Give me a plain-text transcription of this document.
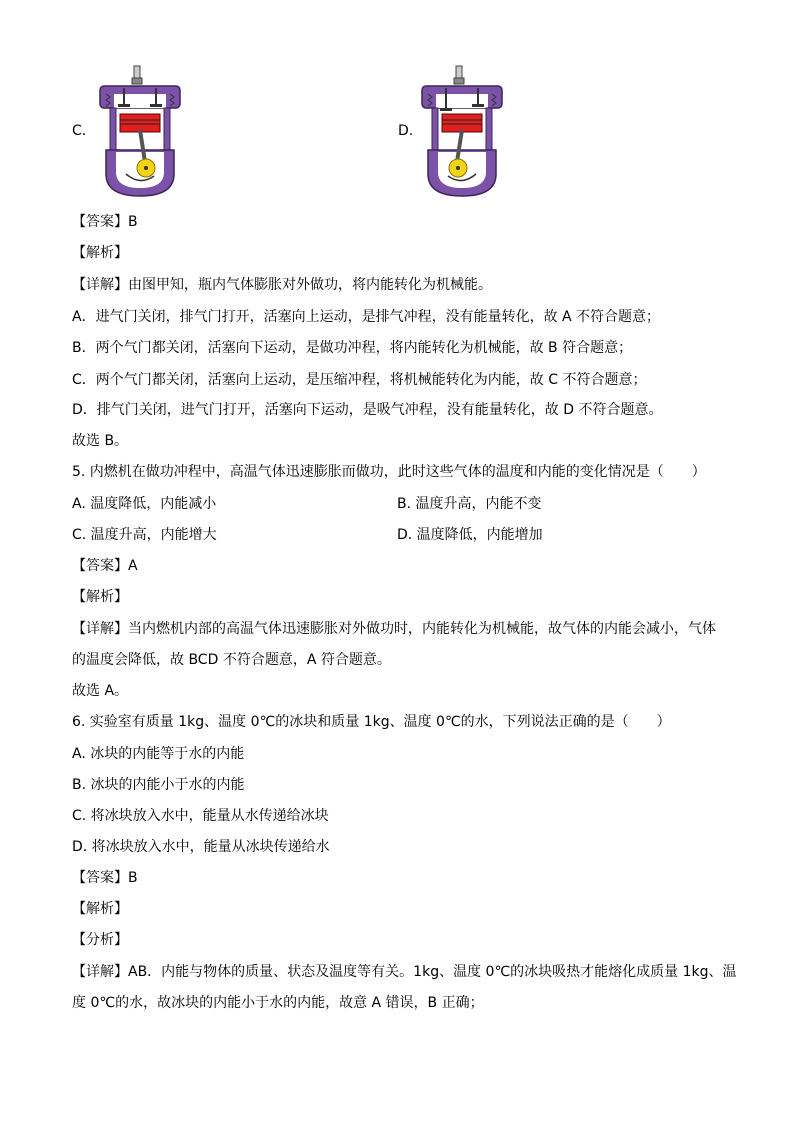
C.	D.
【答案】B
【解析】
【详解】由图甲知，瓶内气体膨胀对外做功，将内能转化为机械能。
A．进气门关闭，排气门打开，活塞向上运动，是排气冲程，没有能量转化，故 A 不符合题意；
B．两个气门都关闭，活塞向下运动，是做功冲程，将内能转化为机械能，故 B 符合题意；
C．两个气门都关闭，活塞向上运动，是压缩冲程，将机械能转化为内能，故 C 不符合题意；
D．排气门关闭，进气门打开，活塞向下运动，是吸气冲程，没有能量转化，故 D 不符合题意。
故选 B。
5. 内燃机在做功冲程中，高温气体迅速膨胀而做功，此时这些气体的温度和内能的变化情况是（　　）
A. 温度降低，内能减小	B. 温度升高，内能不变
C. 温度升高，内能增大	D. 温度降低，内能增加
【答案】A
【解析】
【详解】当内燃机内部的高温气体迅速膨胀对外做功时，内能转化为机械能，故气体的内能会减小，气体
的温度会降低，故 BCD 不符合题意，A 符合题意。
故选 A。
6. 实验室有质量 1kg、温度 0℃的冰块和质量 1kg、温度 0℃的水，下列说法正确的是（　　）
A. 冰块的内能等于水的内能
B. 冰块的内能小于水的内能
C. 将冰块放入水中，能量从水传递给冰块
D. 将冰块放入水中，能量从冰块传递给水
【答案】B
【解析】
【分析】
【详解】AB．内能与物体的质量、状态及温度等有关。1kg、温度 0℃的冰块吸热才能熔化成质量 1kg、温
度 0℃的水，故冰块的内能小于水的内能，故意 A 错误，B 正确；
